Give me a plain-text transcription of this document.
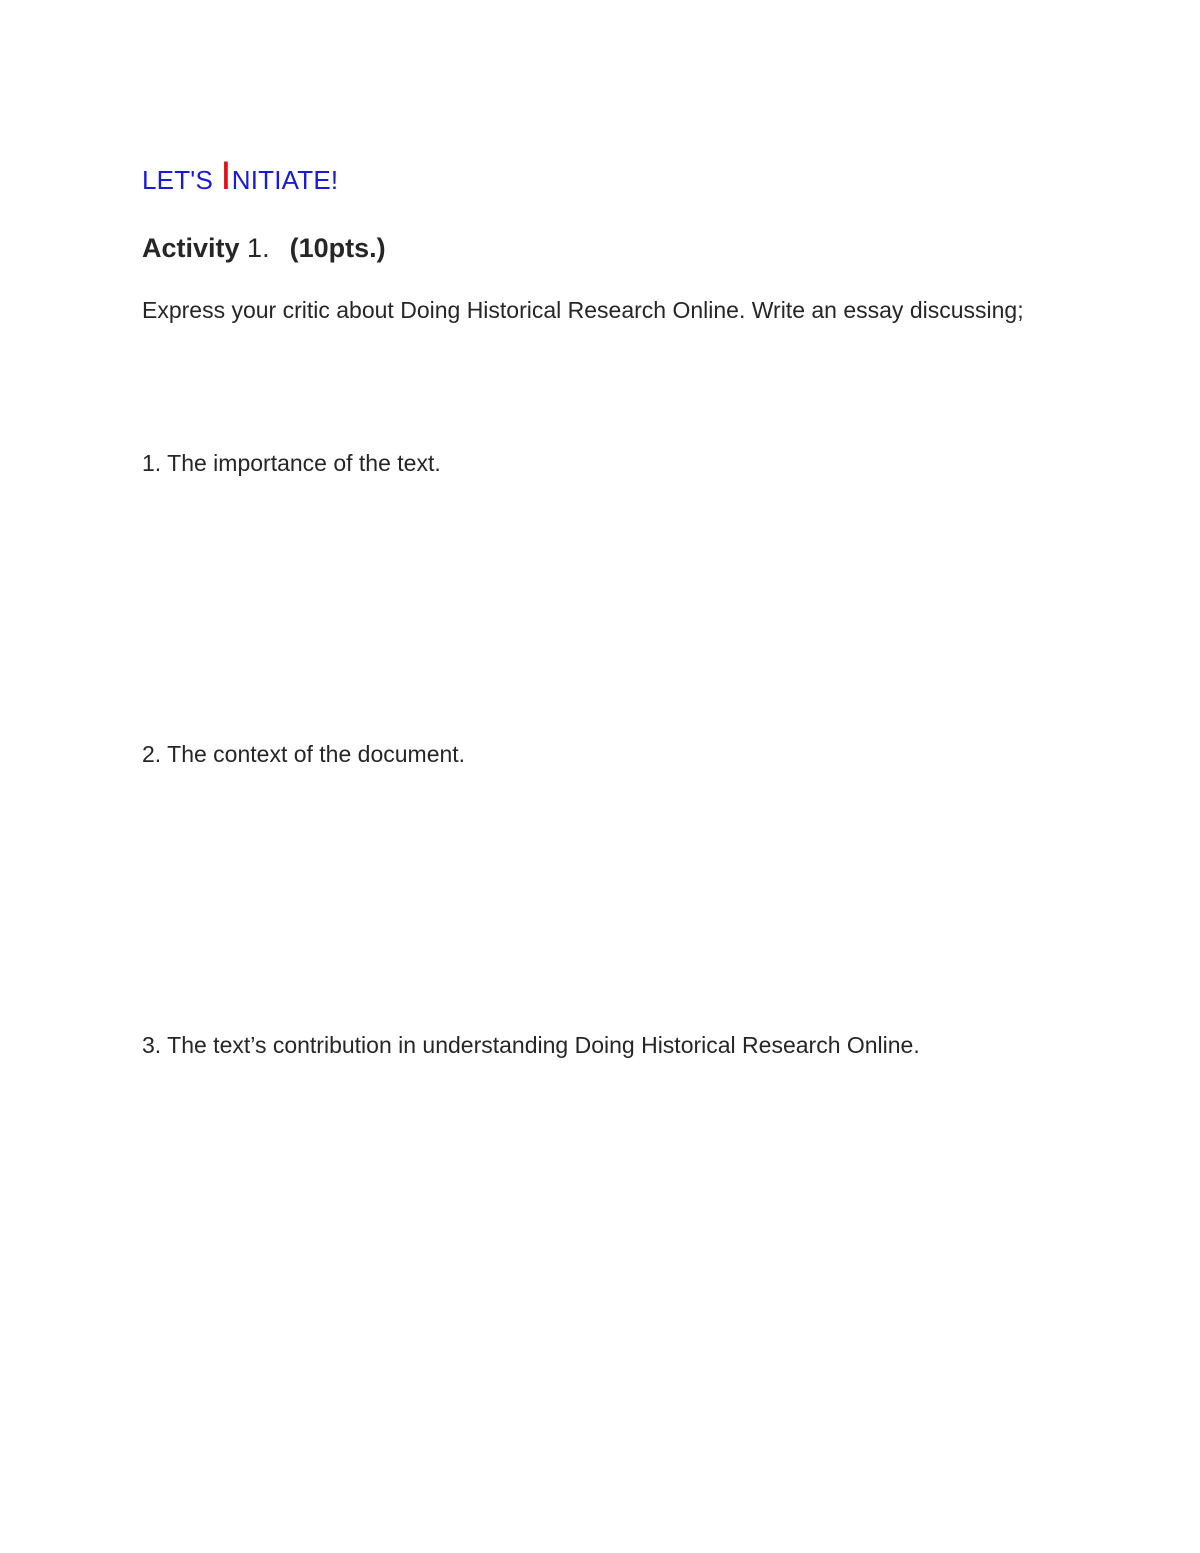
LET'S INITIATE!
Activity 1. (10pts.)

Express your critic about Doing Historical Research Online. Write an essay discussing;

1. The importance of the text.

2. The context of the document.

3. The text’s contribution in understanding Doing Historical Research Online.
